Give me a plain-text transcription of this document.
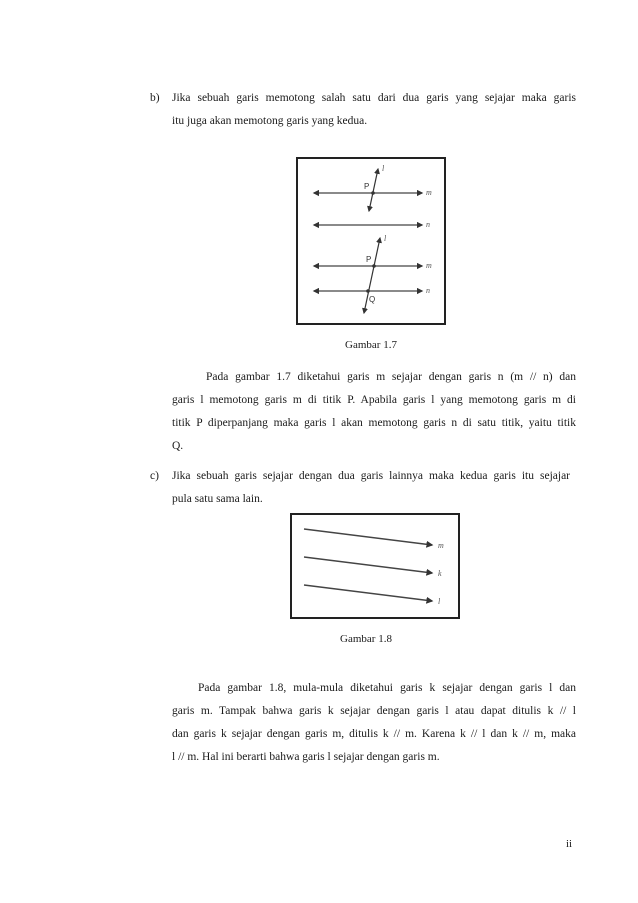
b) Jika sebuah garis memotong salah satu dari dua garis yang sejajar maka garis
itu juga akan memotong garis yang kedua.
l
P
m
n
l
P
m
n
Q
Gambar 1.7
Pada gambar 1.7 diketahui garis m sejajar dengan garis n (m // n) dan
garis l memotong garis m di titik P. Apabila garis l yang memotong garis m di
titik P diperpanjang maka garis l akan memotong garis n di satu titik, yaitu titik
Q.
c) Jika sebuah garis sejajar dengan dua garis lainnya maka kedua garis itu sejajar
pula satu sama lain.
m
k
l
Gambar 1.8
Pada gambar 1.8, mula-mula diketahui garis k sejajar dengan garis l dan
garis m. Tampak bahwa garis k sejajar dengan garis l atau dapat ditulis k // l
dan garis k sejajar dengan garis m, ditulis k // m. Karena k // l dan k // m, maka
l // m. Hal ini berarti bahwa garis l sejajar dengan garis m.
ii
